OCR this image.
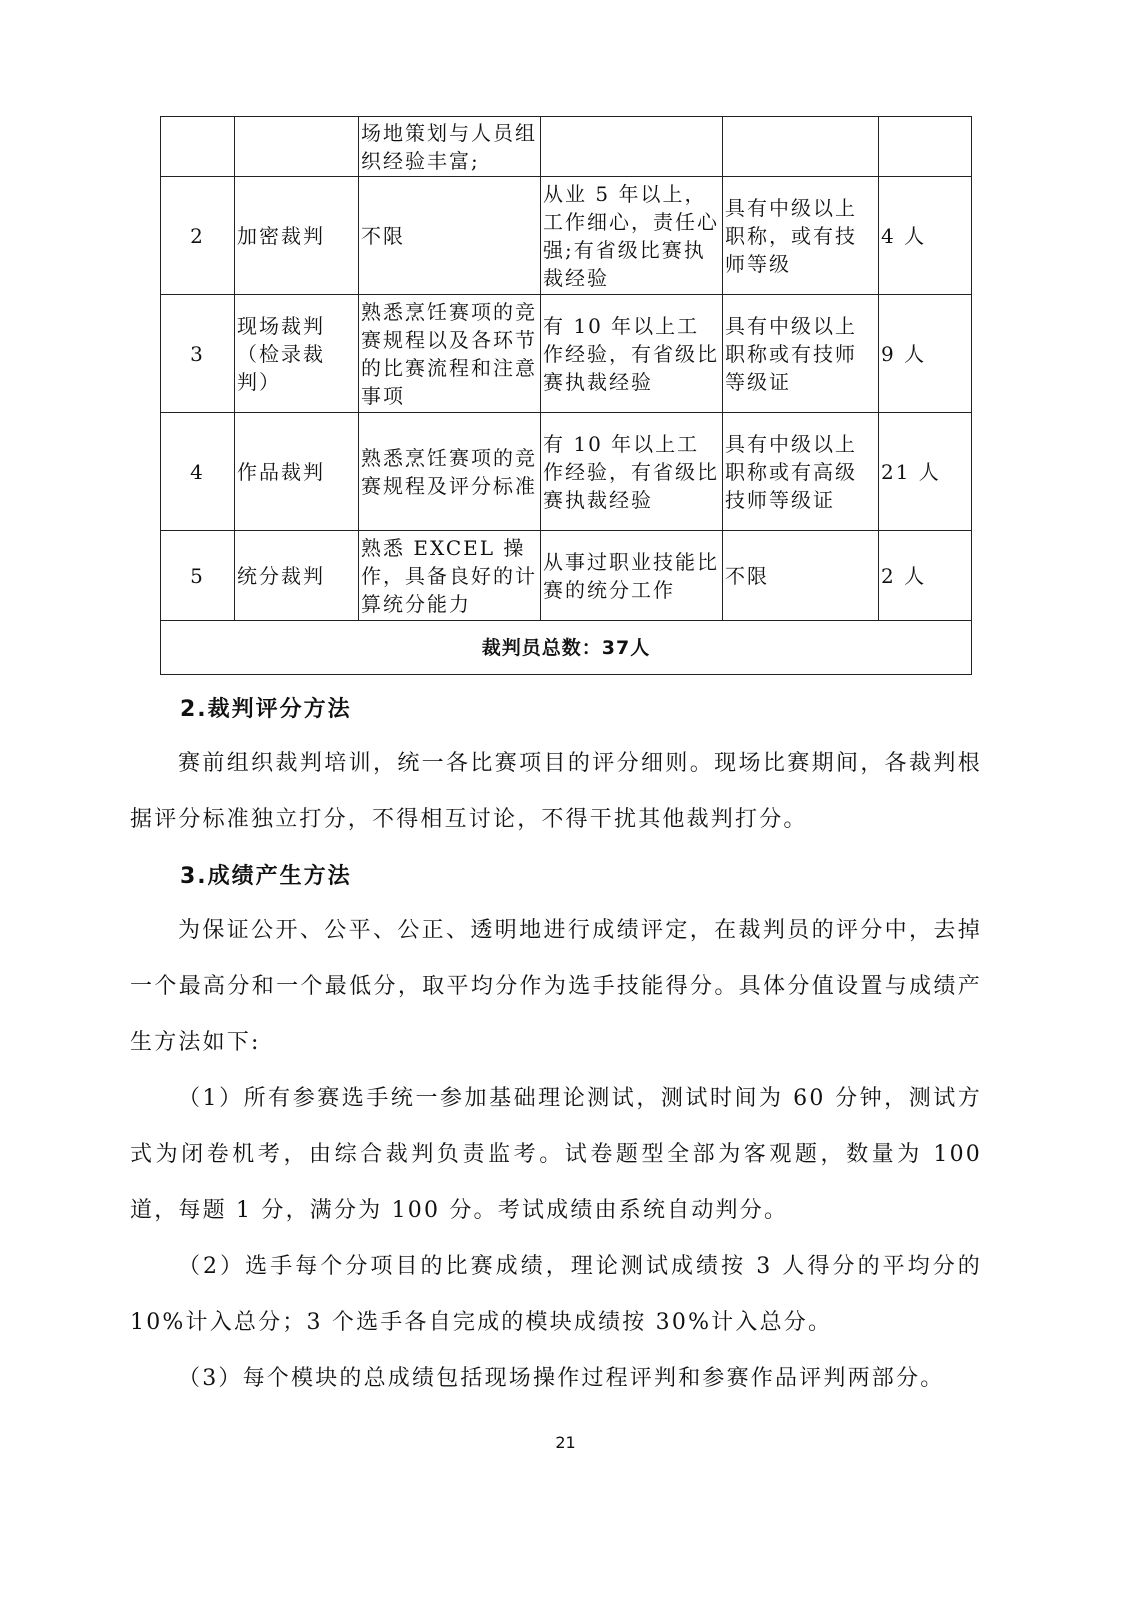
		场地策划与人员组织经验丰富;			
2	加密裁判	不限	从业 5 年以上，工作细心，责任心强;有省级比赛执裁经验	具有中级以上职称，或有技师等级	4 人
3	现场裁判（检录裁判）	熟悉烹饪赛项的竞赛规程以及各环节的比赛流程和注意事项	有 10 年以上工作经验，有省级比赛执裁经验	具有中级以上职称或有技师等级证	9 人
4	作品裁判	熟悉烹饪赛项的竞赛规程及评分标准	有 10 年以上工作经验，有省级比赛执裁经验	具有中级以上职称或有高级技师等级证	21 人
5	统分裁判	熟悉 EXCEL 操作，具备良好的计算统分能力	从事过职业技能比赛的统分工作	不限	2 人
裁判员总数：37人					
2.裁判评分方法
赛前组织裁判培训，统一各比赛项目的评分细则。现场比赛期间，各裁判根据评分标准独立打分，不得相互讨论，不得干扰其他裁判打分。
3.成绩产生方法
为保证公开、公平、公正、透明地进行成绩评定，在裁判员的评分中，去掉一个最高分和一个最低分，取平均分作为选手技能得分。具体分值设置与成绩产生方法如下:
（1）所有参赛选手统一参加基础理论测试，测试时间为 60 分钟，测试方式为闭卷机考，由综合裁判负责监考。试卷题型全部为客观题，数量为 100 道，每题 1 分，满分为 100 分。考试成绩由系统自动判分。
（2）选手每个分项目的比赛成绩，理论测试成绩按 3 人得分的平均分的 10%计入总分；3 个选手各自完成的模块成绩按 30%计入总分。
（3）每个模块的总成绩包括现场操作过程评判和参赛作品评判两部分。
21
